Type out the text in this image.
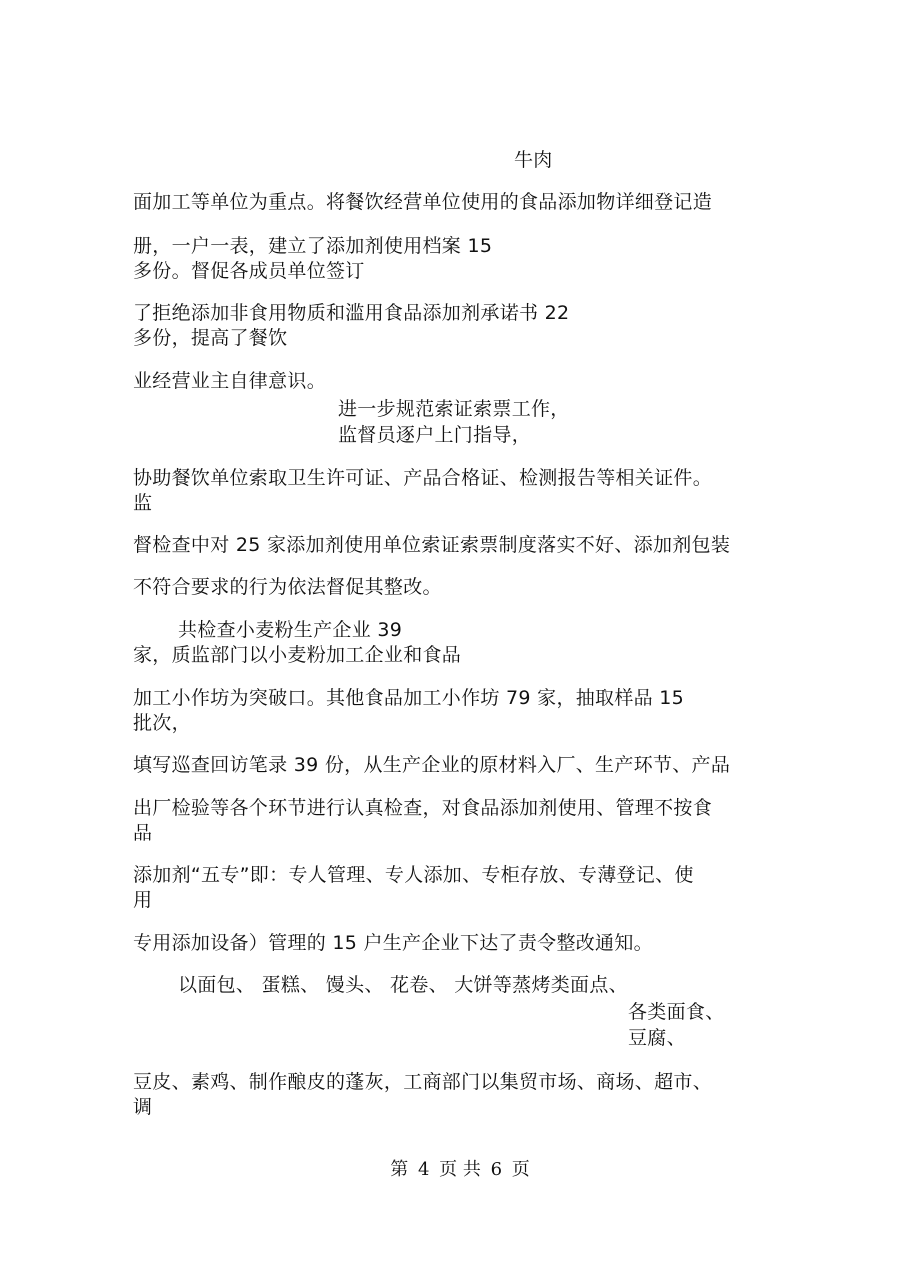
牛肉
面加工等单位为重点。将餐饮经营单位使用的食品添加物详细登记造
册，一户一表，建立了添加剂使用档案 15
多份。督促各成员单位签订
了拒绝添加非食用物质和滥用食品添加剂承诺书 22
多份，提高了餐饮
业经营业主自律意识。
进一步规范索证索票工作，
监督员逐户上门指导，
协助餐饮单位索取卫生许可证、产品合格证、检测报告等相关证件。
监
督检查中对 25 家添加剂使用单位索证索票制度落实不好、添加剂包装
不符合要求的行为依法督促其整改。
共检查小麦粉生产企业 39
家，质监部门以小麦粉加工企业和食品
加工小作坊为突破口。其他食品加工小作坊 79 家，抽取样品 15
批次，
填写巡查回访笔录 39 份，从生产企业的原材料入厂、生产环节、产品
出厂检验等各个环节进行认真检查，对食品添加剂使用、管理不按食
品
添加剂“五专”即：专人管理、专人添加、专柜存放、专薄登记、使
用
专用添加设备）管理的 15 户生产企业下达了责令整改通知。
以面包、 蛋糕、 馒头、 花卷、 大饼等蒸烤类面点、
各类面食、
豆腐、
豆皮、素鸡、制作酿皮的蓬灰，工商部门以集贸市场、商场、超市、
调
第 4 页 共 6 页
